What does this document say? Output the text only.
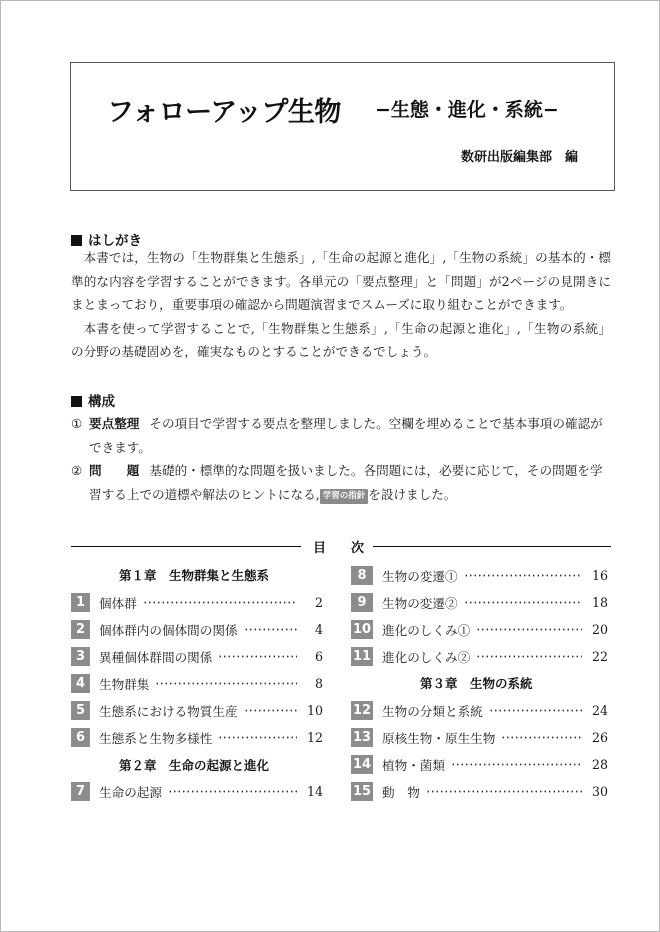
フォローアップ生物 −生態・進化・系統−
数研出版編集部　編
はしがき

本書では，生物の「生物群集と生態系」,「生命の起源と進化」,「生物の系統」の基本的・標準的な内容を学習することができます。各単元の「要点整理」と「問題」が2ページの見開きにまとまっており，重要事項の確認から問題演習までスムーズに取り組むことができます。

本書を使って学習することで,「生物群集と生態系」,「生命の起源と進化」,「生物の系統」の分野の基礎固めを，確実なものとすることができるでしょう。

構成
① 要点整理 その項目で学習する要点を整理しました。空欄を埋めることで基本事項の確認ができます。
② 問　　題 基礎的・標準的な問題を扱いました。各問題には，必要に応じて，その問題を学習する上での道標や解法のヒントになる, 学習の指針 を設けました。
目 次
第１章　生物群集と生態系
第２章　生命の起源と進化
第３章　生物の系統
1	個体群	2
2	個体群内の個体間の関係	4
3	異種個体群間の関係	6
4	生物群集	8
5	生態系における物質生産	10
6	生態系と生物多様性	12
7	生命の起源	14
8	生物の変遷①	16
9	生物の変遷②	18
10 進化のしくみ①	20
11 進化のしくみ②	22
12 生物の分類と系統	24
13 原核生物・原生生物	26
14 植物・菌類	28
15 動　物	30
